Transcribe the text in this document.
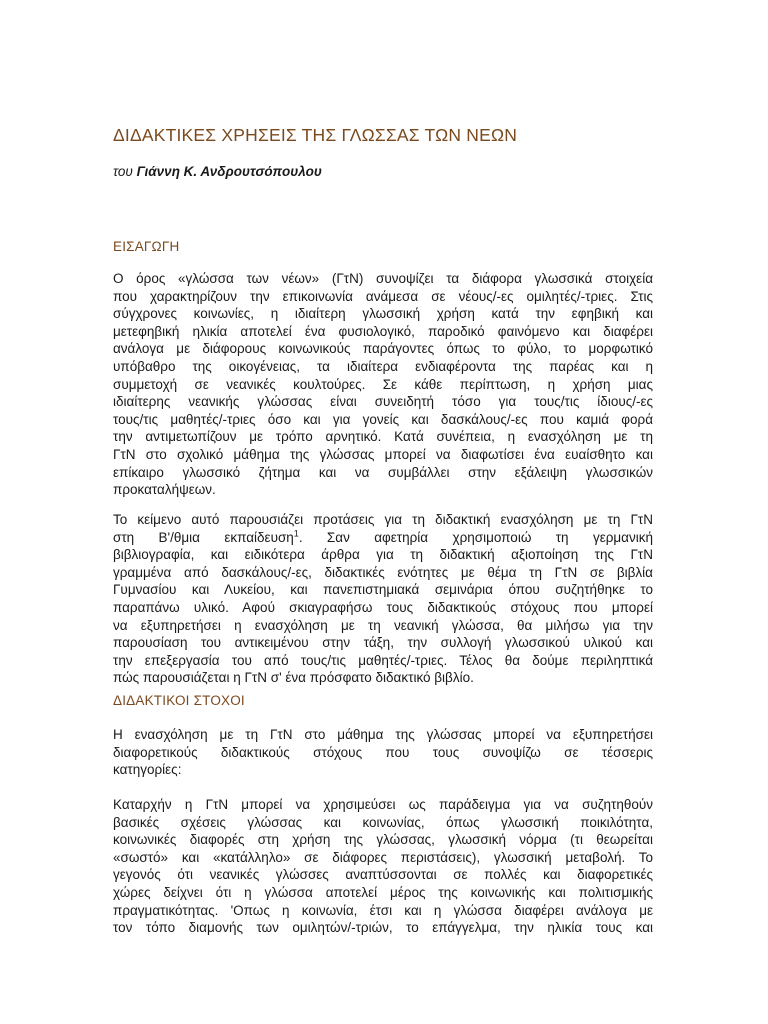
ΔΙΔΑΚΤΙΚΕΣ ΧΡΗΣΕΙΣ ΤΗΣ ΓΛΩΣΣΑΣ ΤΩΝ ΝΕΩΝ
του Γιάννη Κ. Ανδρουτσόπουλου
ΕΙΣΑΓΩΓΗ
Ο όρος «γλώσσα των νέων» (ΓτΝ) συνοψίζει τα διάφορα γλωσσικά στοιχεία
που χαρακτηρίζουν την επικοινωνία ανάμεσα σε νέους/-ες ομιλητές/-τριες. Στις
σύγχρονες κοινωνίες, η ιδιαίτερη γλωσσική χρήση κατά την εφηβική και
μετεφηβική ηλικία αποτελεί ένα φυσιολογικό, παροδικό φαινόμενο και διαφέρει
ανάλογα με διάφορους κοινωνικούς παράγοντες όπως το φύλο, το μορφωτικό
υπόβαθρο της οικογένειας, τα ιδιαίτερα ενδιαφέροντα της παρέας και η
συμμετοχή σε νεανικές κουλτούρες. Σε κάθε περίπτωση, η χρήση μιας
ιδιαίτερης νεανικής γλώσσας είναι συνειδητή τόσο για τους/τις ίδιους/-ες
τους/τις μαθητές/-τριες όσο και για γονείς και δασκάλους/-ες που καμιά φορά
την αντιμετωπίζουν με τρόπο αρνητικό. Κατά συνέπεια, η ενασχόληση με τη
ΓτΝ στο σχολικό μάθημα της γλώσσας μπορεί να διαφωτίσει ένα ευαίσθητο και
επίκαιρο γλωσσικό ζήτημα και να συμβάλλει στην εξάλειψη γλωσσικών
προκαταλήψεων.
Το κείμενο αυτό παρουσιάζει προτάσεις για τη διδακτική ενασχόληση με τη ΓτΝ
στη Β'/θμια εκπαίδευση$^1$. Σαν αφετηρία χρησιμοποιώ τη γερμανική
βιβλιογραφία, και ειδικότερα άρθρα για τη διδακτική αξιοποίηση της ΓτΝ
γραμμένα από δασκάλους/-ες, διδακτικές ενότητες με θέμα τη ΓτΝ σε βιβλία
Γυμνασίου και Λυκείου, και πανεπιστημιακά σεμινάρια όπου συζητήθηκε το
παραπάνω υλικό. Αφού σκιαγραφήσω τους διδακτικούς στόχους που μπορεί
να εξυπηρετήσει η ενασχόληση με τη νεανική γλώσσα, θα μιλήσω για την
παρουσίαση του αντικειμένου στην τάξη, την συλλογή γλωσσικού υλικού και
την επεξεργασία του από τους/τις μαθητές/-τριες. Τέλος θα δούμε περιληπτικά
πώς παρουσιάζεται η ΓτΝ σ' ένα πρόσφατο διδακτικό βιβλίο.
ΔΙΔΑΚΤΙΚΟΙ ΣΤΟΧΟΙ
Η ενασχόληση με τη ΓτΝ στο μάθημα της γλώσσας μπορεί να εξυπηρετήσει
διαφορετικούς διδακτικούς στόχους που τους συνοψίζω σε τέσσερις
κατηγορίες:
Καταρχήν η ΓτΝ μπορεί να χρησιμεύσει ως παράδειγμα για να συζητηθούν
βασικές σχέσεις γλώσσας και κοινωνίας, όπως γλωσσική ποικιλότητα,
κοινωνικές διαφορές στη χρήση της γλώσσας, γλωσσική νόρμα (τι θεωρείται
«σωστό» και «κατάλληλο» σε διάφορες περιστάσεις), γλωσσική μεταβολή. Το
γεγονός ότι νεανικές γλώσσες αναπτύσσονται σε πολλές και διαφορετικές
χώρες δείχνει ότι η γλώσσα αποτελεί μέρος της κοινωνικής και πολιτισμικής
πραγματικότητας. 'Οπως η κοινωνία, έτσι και η γλώσσα διαφέρει ανάλογα με
τον τόπο διαμονής των ομιλητών/-τριών, το επάγγελμα, την ηλικία τους και
